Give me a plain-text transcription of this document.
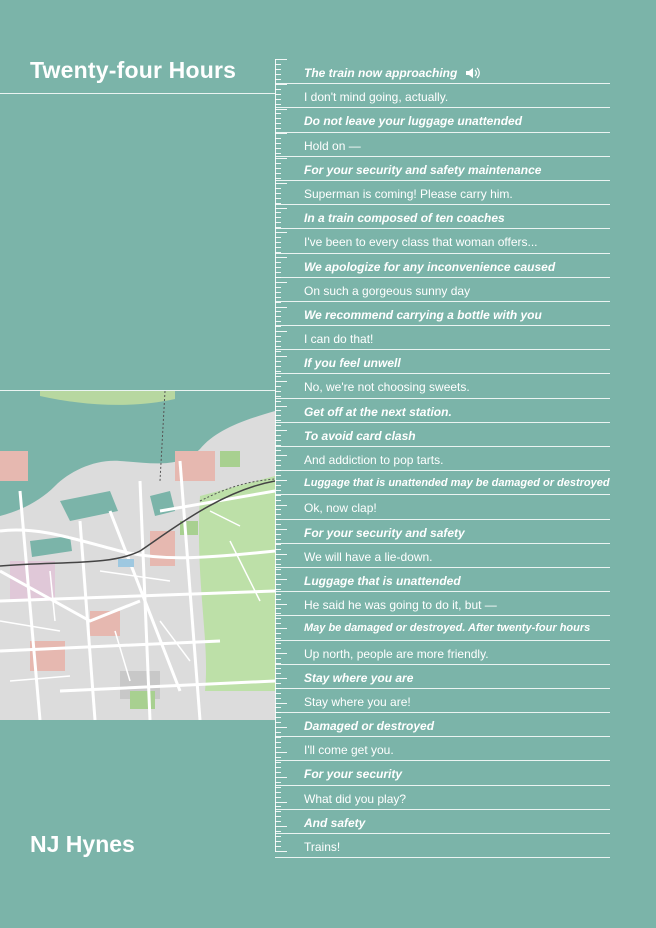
Twenty-four Hours
NJ Hynes
The train now approaching
I don't mind going, actually.
Do not leave your luggage unattended
Hold on —
For your security and safety maintenance
Superman is coming! Please carry him.
In a train composed of ten coaches
I've been to every class that woman offers...
We apologize for any inconvenience caused
On such a gorgeous sunny day
We recommend carrying a bottle with you
I can do that!
If you feel unwell
No, we're not choosing sweets.
Get off at the next station.
To avoid card clash
And addiction to pop tarts.
Luggage that is unattended may be damaged or destroyed
Ok, now clap!
For your security and safety
We will have a lie-down.
Luggage that is unattended
He said he was going to do it, but —
May be damaged or destroyed. After twenty-four hours
Up north, people are more friendly.
Stay where you are
Stay where you are!
Damaged or destroyed
I'll come get you.
For your security
What did you play?
And safety
Trains!
